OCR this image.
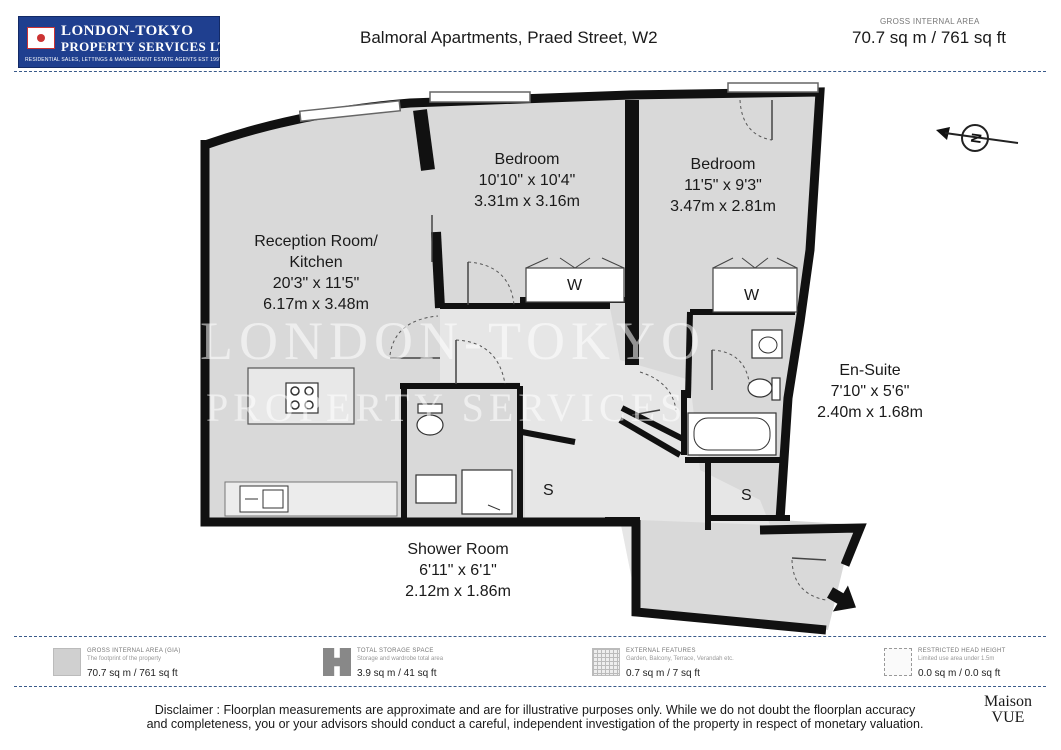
LONDON-TOKYO
PROPERTY SERVICES LTD.
RESIDENTIAL SALES, LETTINGS & MANAGEMENT ESTATE AGENTS EST 1997
Balmoral Apartments, Praed Street, W2
GROSS INTERNAL AREA
70.7 sq m / 761 sq ft
N
LONDON-TOKYO
PROPERTY SERVICES
Reception Room/
Kitchen
20'3" x 11'5"
6.17m x 3.48m
Bedroom
10'10" x 10'4"
3.31m x 3.16m
Bedroom
11'5" x 9'3"
3.47m x 2.81m
En-Suite
7'10" x 5'6"
2.40m x 1.68m
Shower Room
6'11" x 6'1"
2.12m x 1.86m
W
W
S	S
GROSS INTERNAL AREA (GIA)
The footprint of the property
70.7 sq m / 761 sq ft
TOTAL STORAGE SPACE
Storage and wardrobe total area
3.9 sq m / 41 sq ft
EXTERNAL FEATURES
Garden, Balcony, Terrace, Verandah etc.
0.7 sq m / 7 sq ft
RESTRICTED HEAD HEIGHT
Limited use area under 1.5m
0.0 sq m / 0.0 sq ft
Disclaimer : Floorplan measurements are approximate and are for illustrative purposes only. While we do not doubt the floorplan accuracy
and completeness, you or your advisors should conduct a careful, independent investigation of the property in respect of monetary valuation.
Maison
VUE
